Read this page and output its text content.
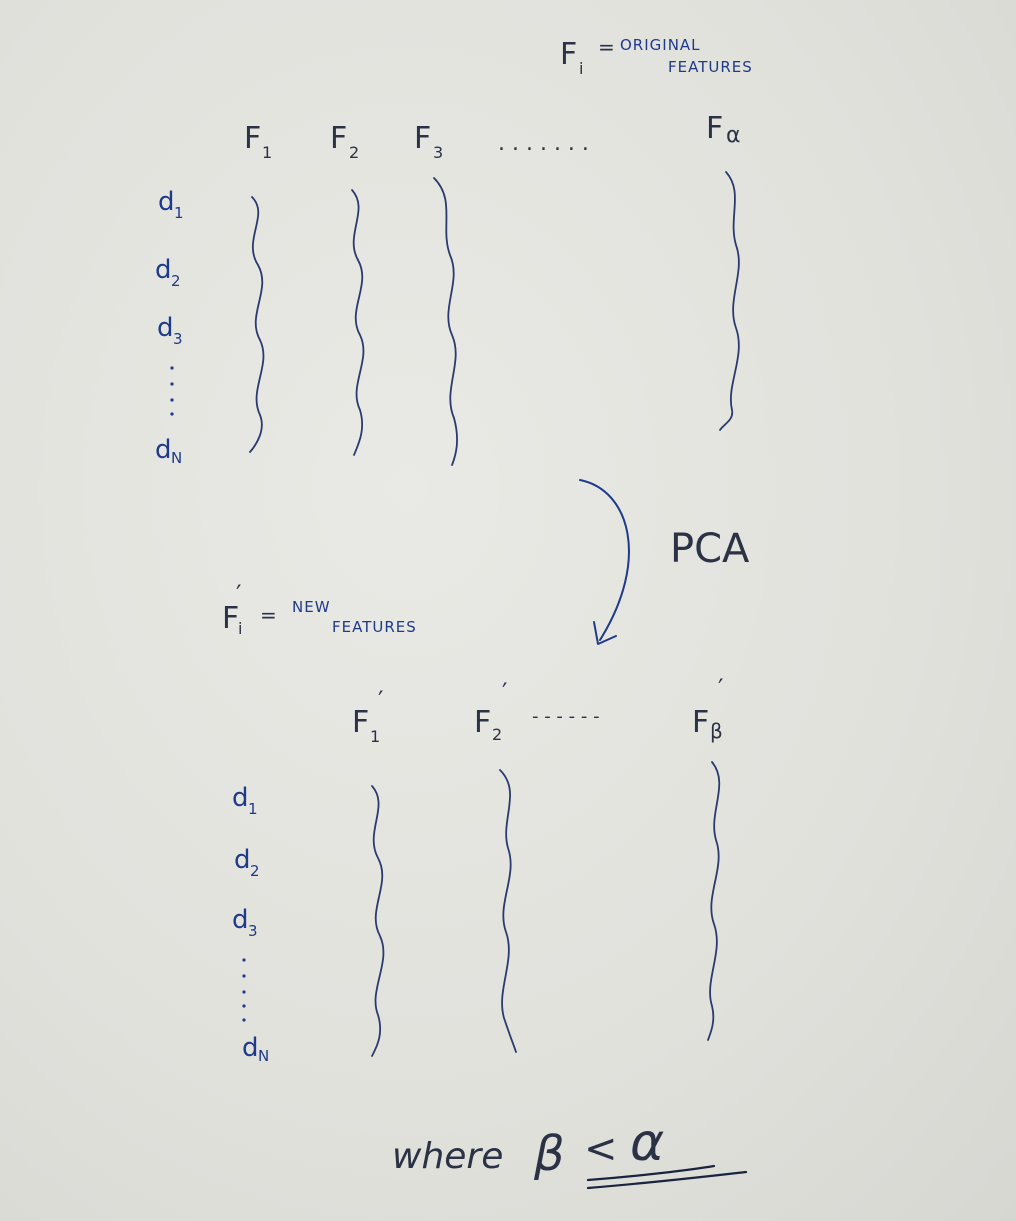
F i
= ORIGINAL
FEATURES
F 1 F 2 F 3 . . . . . . .	F α
d 1
d 2
d 3
d N
PCA
F
′
i
= NEW
FEATURES
F
′
1	F
′
2
- - - - - -	F
′
β
d 1
d 2
d 3
d N
where β < α
